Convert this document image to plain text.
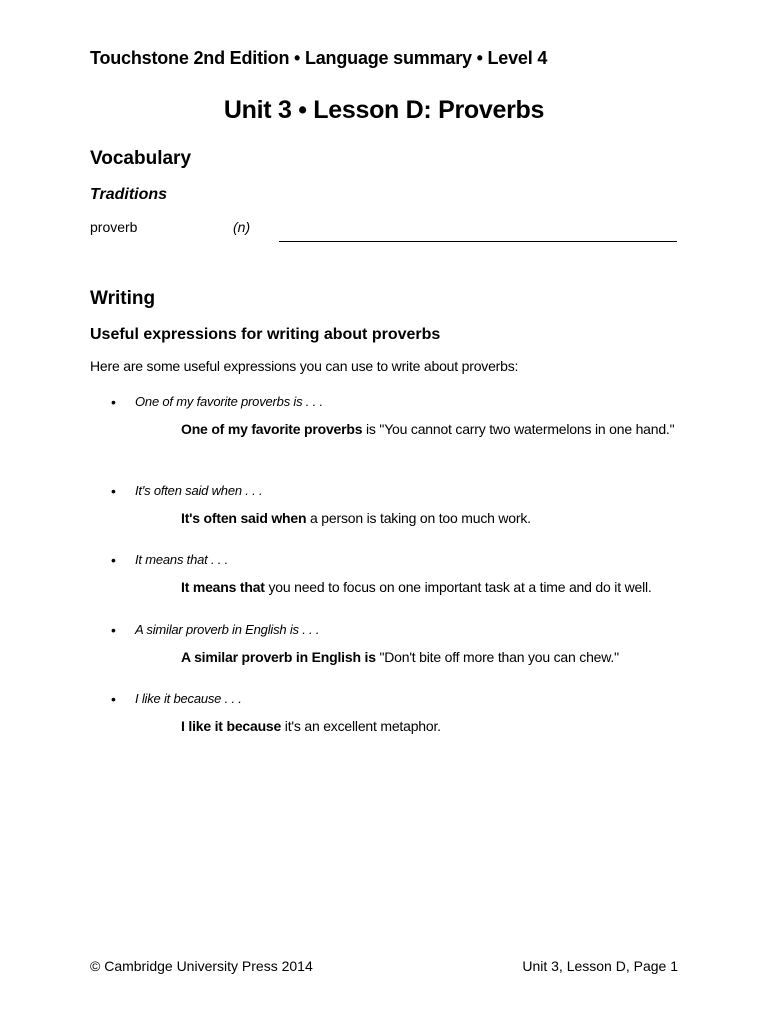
Touchstone 2nd Edition • Language summary • Level 4
Unit 3 • Lesson D: Proverbs
Vocabulary
Traditions
proverb	(n)
Writing
Useful expressions for writing about proverbs
Here are some useful expressions you can use to write about proverbs:
• One of my favorite proverbs is . . .
One of my favorite proverbs is "You cannot carry two watermelons in one hand."
• It's often said when . . .
It's often said when a person is taking on too much work.
• It means that . . .
It means that you need to focus on one important task at a time and do it well.
• A similar proverb in English is . . .
A similar proverb in English is "Don't bite off more than you can chew."
• I like it because . . .
I like it because it's an excellent metaphor.
© Cambridge University Press 2014	Unit 3, Lesson D, Page 1
